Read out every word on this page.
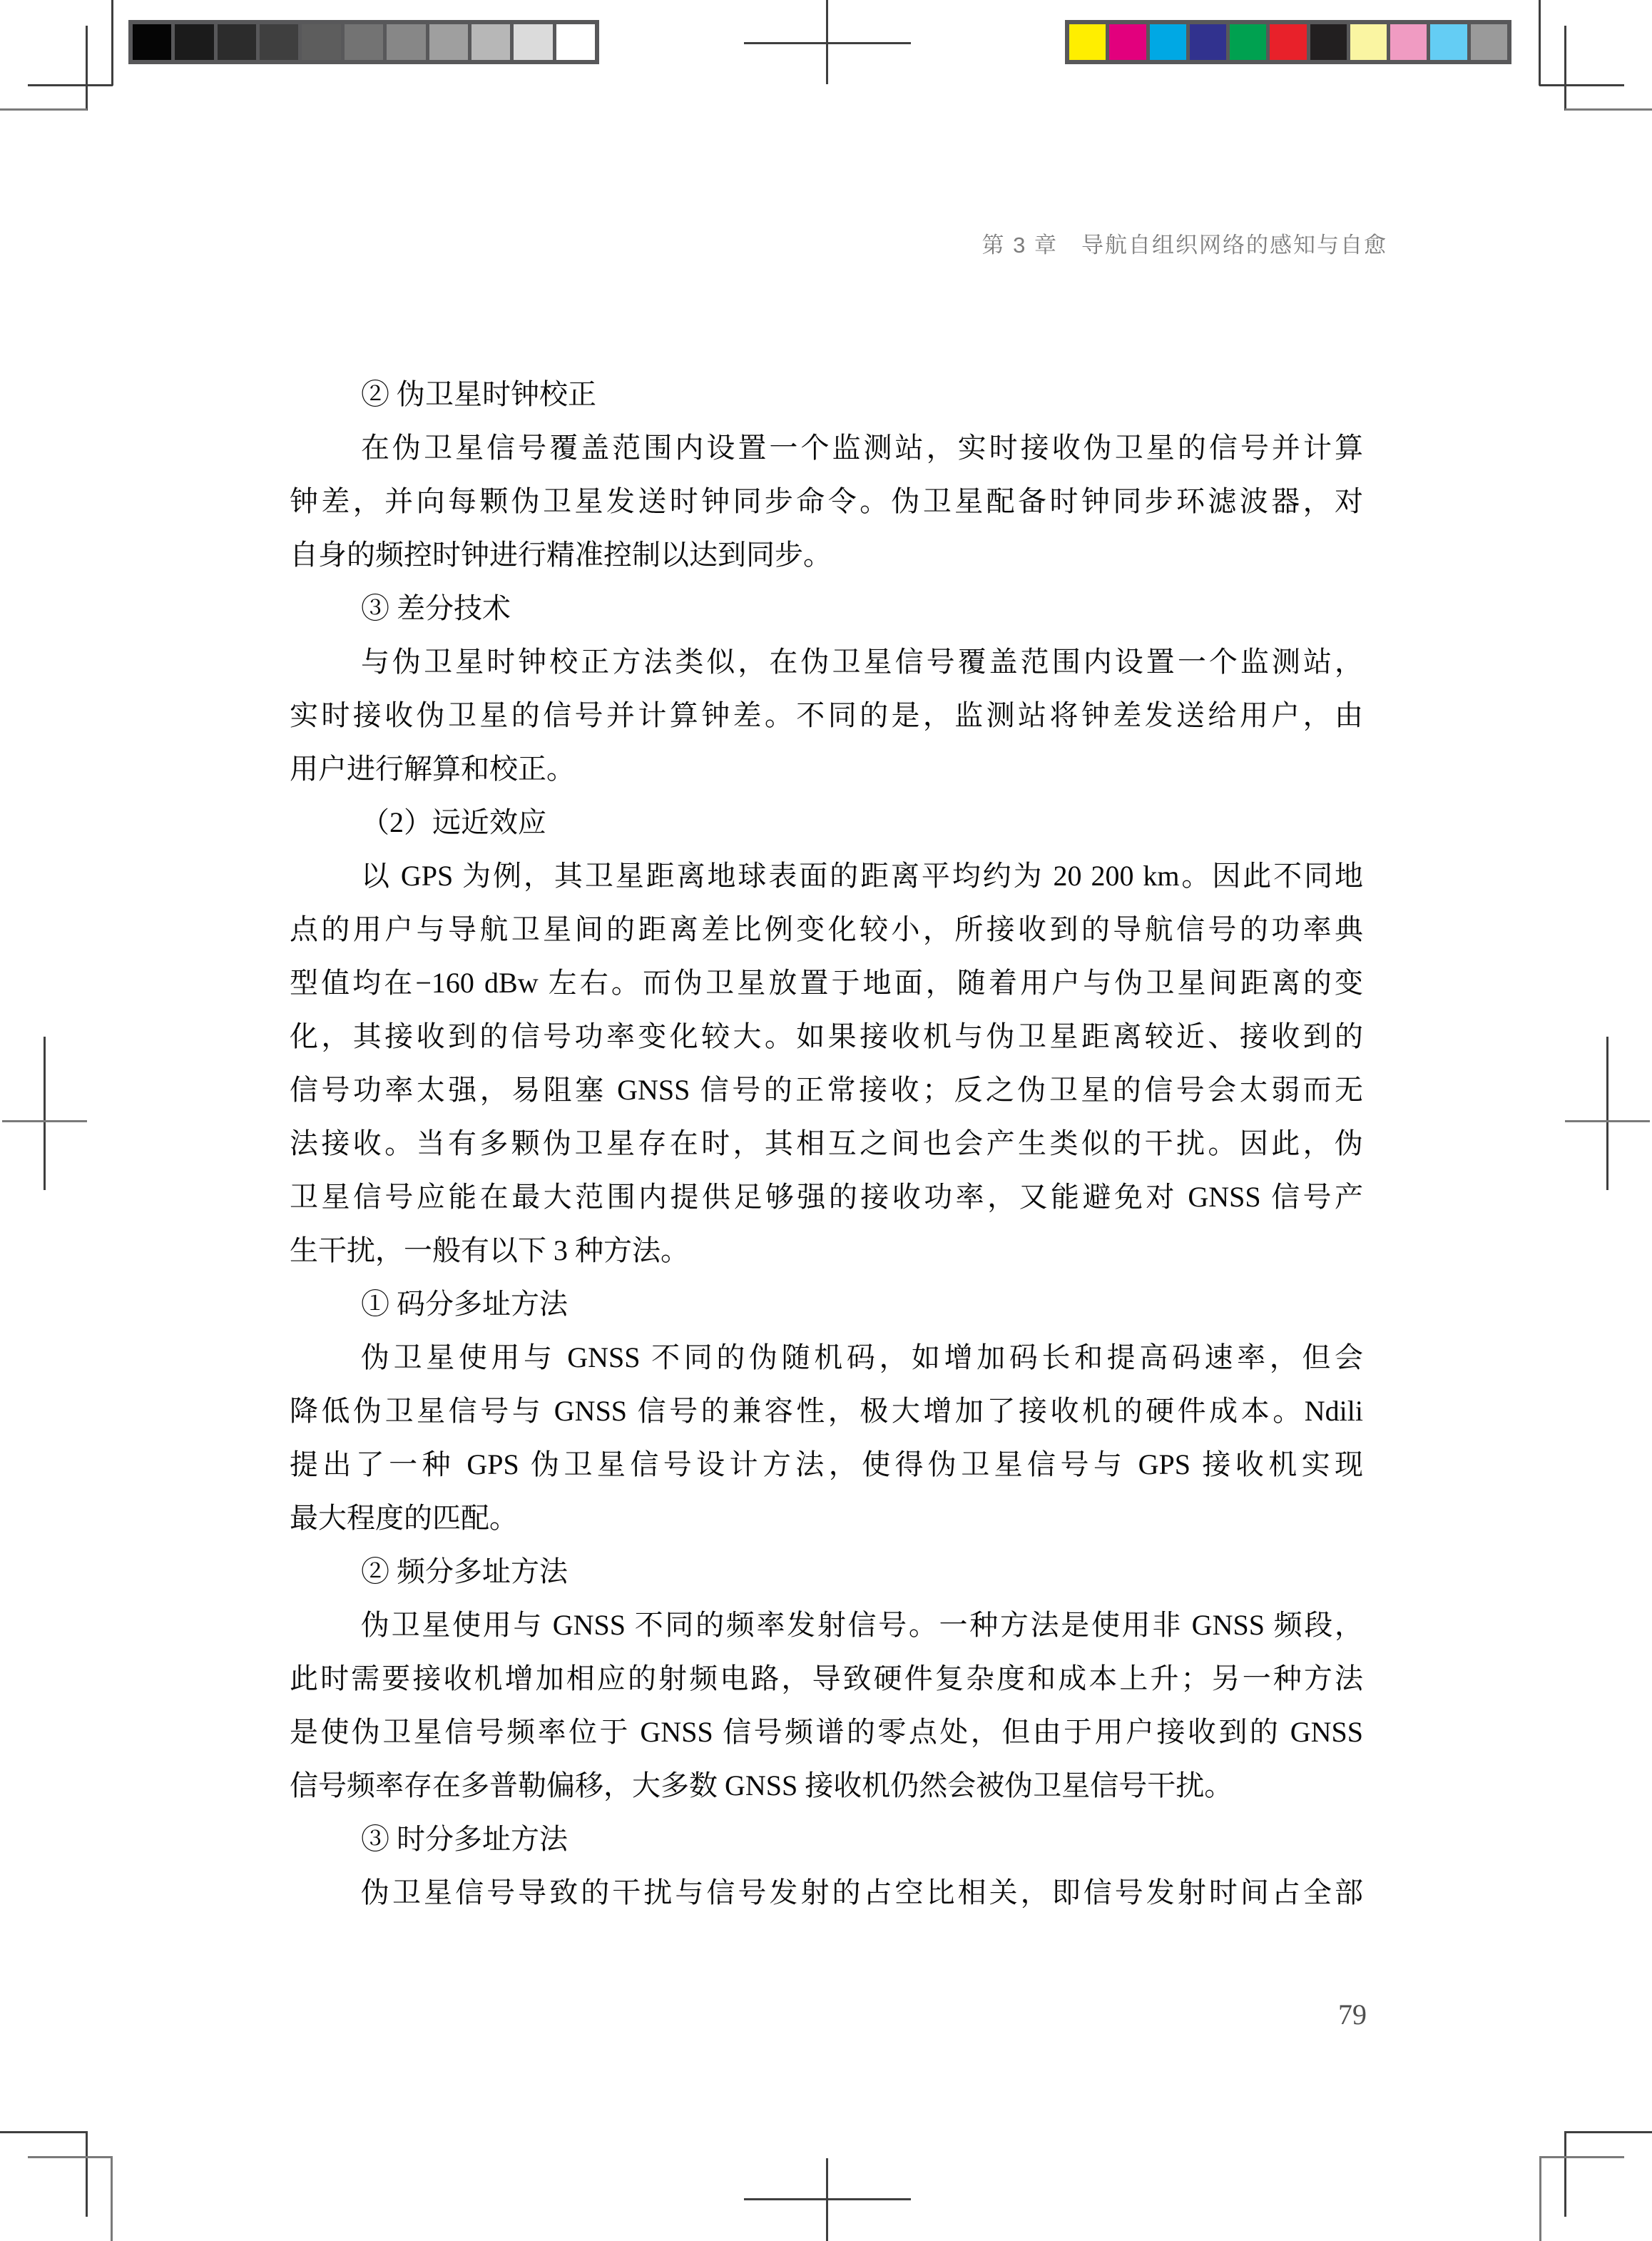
第 3 章　导航自组织网络的感知与自愈
② 伪卫星时钟校正
在伪卫星信号覆盖范围内设置一个监测站，实时接收伪卫星的信号并计算
钟差，并向每颗伪卫星发送时钟同步命令。伪卫星配备时钟同步环滤波器，对
自身的频控时钟进行精准控制以达到同步。
③ 差分技术
与伪卫星时钟校正方法类似，在伪卫星信号覆盖范围内设置一个监测站，
实时接收伪卫星的信号并计算钟差。不同的是，监测站将钟差发送给用户，由
用户进行解算和校正。
（2）远近效应
以 GPS 为例，其卫星距离地球表面的距离平均约为 20 200 km。因此不同地
点的用户与导航卫星间的距离差比例变化较小，所接收到的导航信号的功率典
型值均在−160 dBw 左右。而伪卫星放置于地面，随着用户与伪卫星间距离的变
化，其接收到的信号功率变化较大。如果接收机与伪卫星距离较近、接收到的
信号功率太强，易阻塞 GNSS 信号的正常接收；反之伪卫星的信号会太弱而无
法接收。当有多颗伪卫星存在时，其相互之间也会产生类似的干扰。因此，伪
卫星信号应能在最大范围内提供足够强的接收功率，又能避免对 GNSS 信号产
生干扰，一般有以下 3 种方法。
① 码分多址方法
伪卫星使用与 GNSS 不同的伪随机码，如增加码长和提高码速率，但会
降低伪卫星信号与 GNSS 信号的兼容性，极大增加了接收机的硬件成本。Ndili
提出了一种 GPS 伪卫星信号设计方法，使得伪卫星信号与 GPS 接收机实现
最大程度的匹配。
② 频分多址方法
伪卫星使用与 GNSS 不同的频率发射信号。一种方法是使用非 GNSS 频段，
此时需要接收机增加相应的射频电路，导致硬件复杂度和成本上升；另一种方法
是使伪卫星信号频率位于 GNSS 信号频谱的零点处，但由于用户接收到的 GNSS
信号频率存在多普勒偏移，大多数 GNSS 接收机仍然会被伪卫星信号干扰。
③ 时分多址方法
伪卫星信号导致的干扰与信号发射的占空比相关，即信号发射时间占全部
79
